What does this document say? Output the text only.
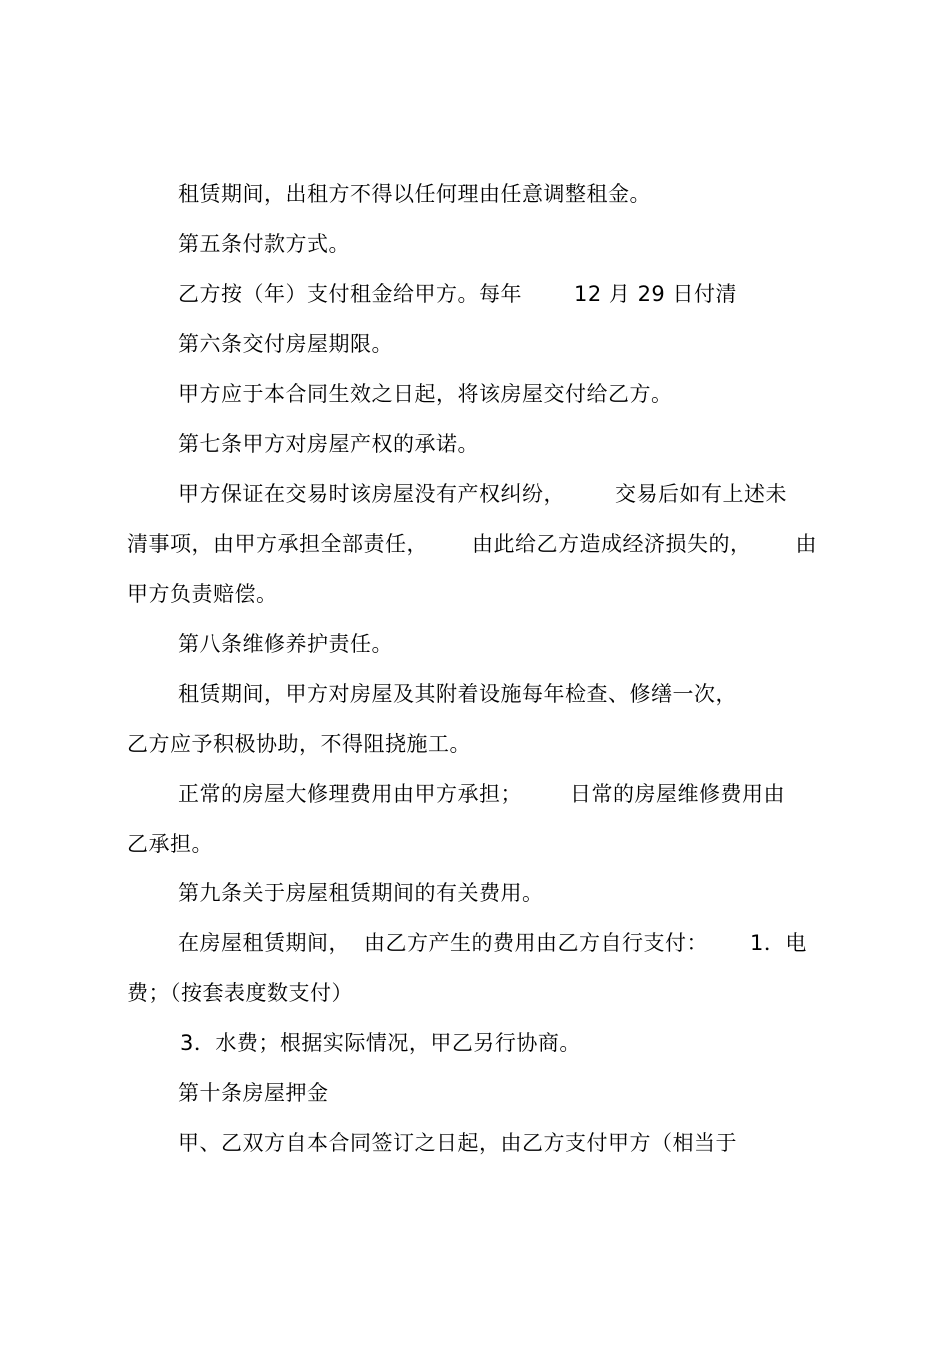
租赁期间，出租方不得以任何理由任意调整租金。
第五条付款方式。
乙方按（年）支付租金给甲方。每年 12 月 29 日付清
第六条交付房屋期限。
甲方应于本合同生效之日起，将该房屋交付给乙方。
第七条甲方对房屋产权的承诺。
甲方保证在交易时该房屋没有产权纠纷， 交易后如有上述未
清事项，由甲方承担全部责任， 由此给乙方造成经济损失的， 由
甲方负责赔偿。
第八条维修养护责任。
租赁期间，甲方对房屋及其附着设施每年检查、修缮一次，
乙方应予积极协助，不得阻挠施工。
正常的房屋大修理费用由甲方承担； 日常的房屋维修费用由
乙承担。
第九条关于房屋租赁期间的有关费用。
在房屋租赁期间， 由乙方产生的费用由乙方自行支付： 1．电
费；（按套表度数支付）
3．水费；根据实际情况，甲乙另行协商。
第十条房屋押金
甲、乙双方自本合同签订之日起，由乙方支付甲方（相当于
